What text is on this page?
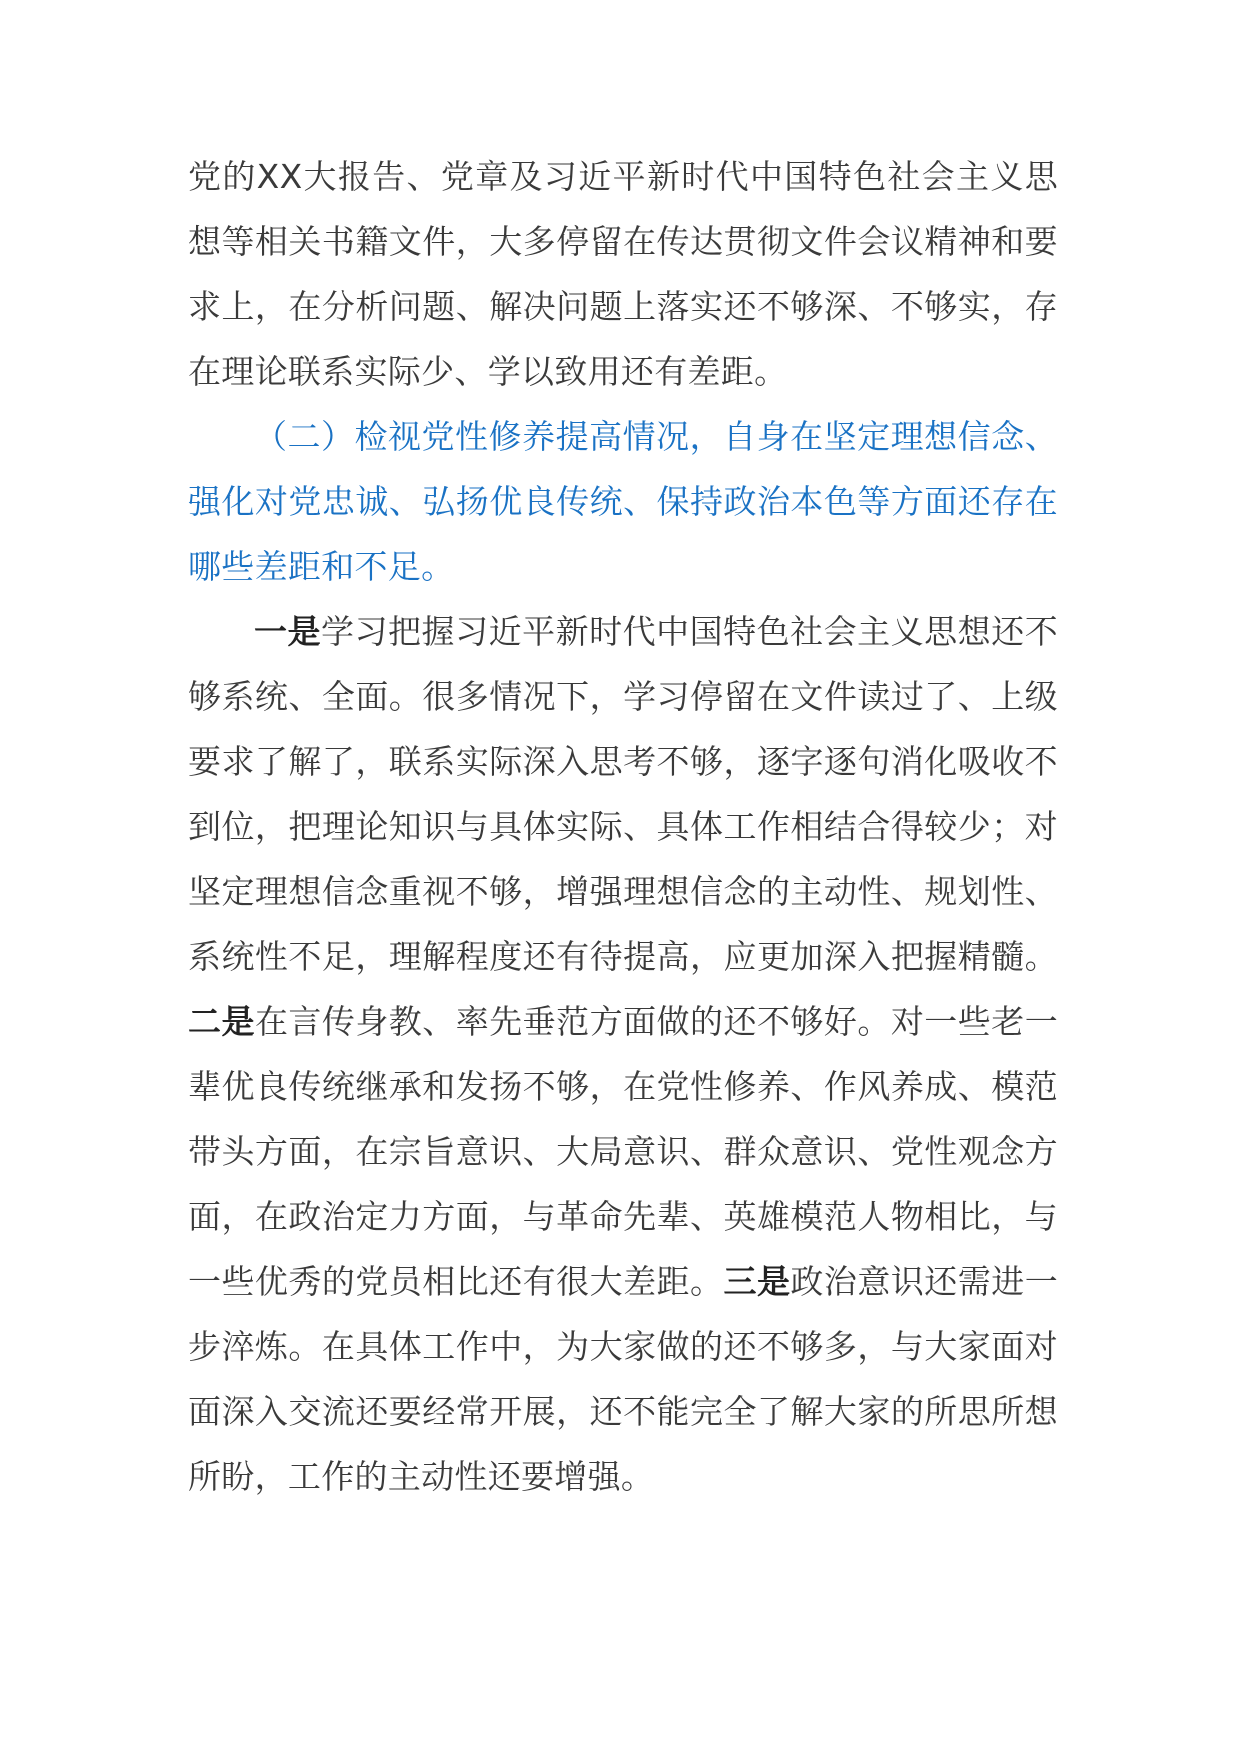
党的XX大报告、党章及习近平新时代中国特色社会主义思想等相关书籍文件，大多停留在传达贯彻文件会议精神和要求上，在分析问题、解决问题上落实还不够深、不够实，存在理论联系实际少、学以致用还有差距。

（二）检视党性修养提高情况，自身在坚定理想信念、强化对党忠诚、弘扬优良传统、保持政治本色等方面还存在哪些差距和不足。

一是学习把握习近平新时代中国特色社会主义思想还不够系统、全面。很多情况下，学习停留在文件读过了、上级要求了解了，联系实际深入思考不够，逐字逐句消化吸收不到位，把理论知识与具体实际、具体工作相结合得较少；对坚定理想信念重视不够，增强理想信念的主动性、规划性、系统性不足，理解程度还有待提高，应更加深入把握精髓。二是在言传身教、率先垂范方面做的还不够好。对一些老一辈优良传统继承和发扬不够，在党性修养、作风养成、模范带头方面，在宗旨意识、大局意识、群众意识、党性观念方面，在政治定力方面，与革命先辈、英雄模范人物相比，与一些优秀的党员相比还有很大差距。三是政治意识还需进一步淬炼。在具体工作中，为大家做的还不够多，与大家面对面深入交流还要经常开展，还不能完全了解大家的所思所想所盼，工作的主动性还要增强。
